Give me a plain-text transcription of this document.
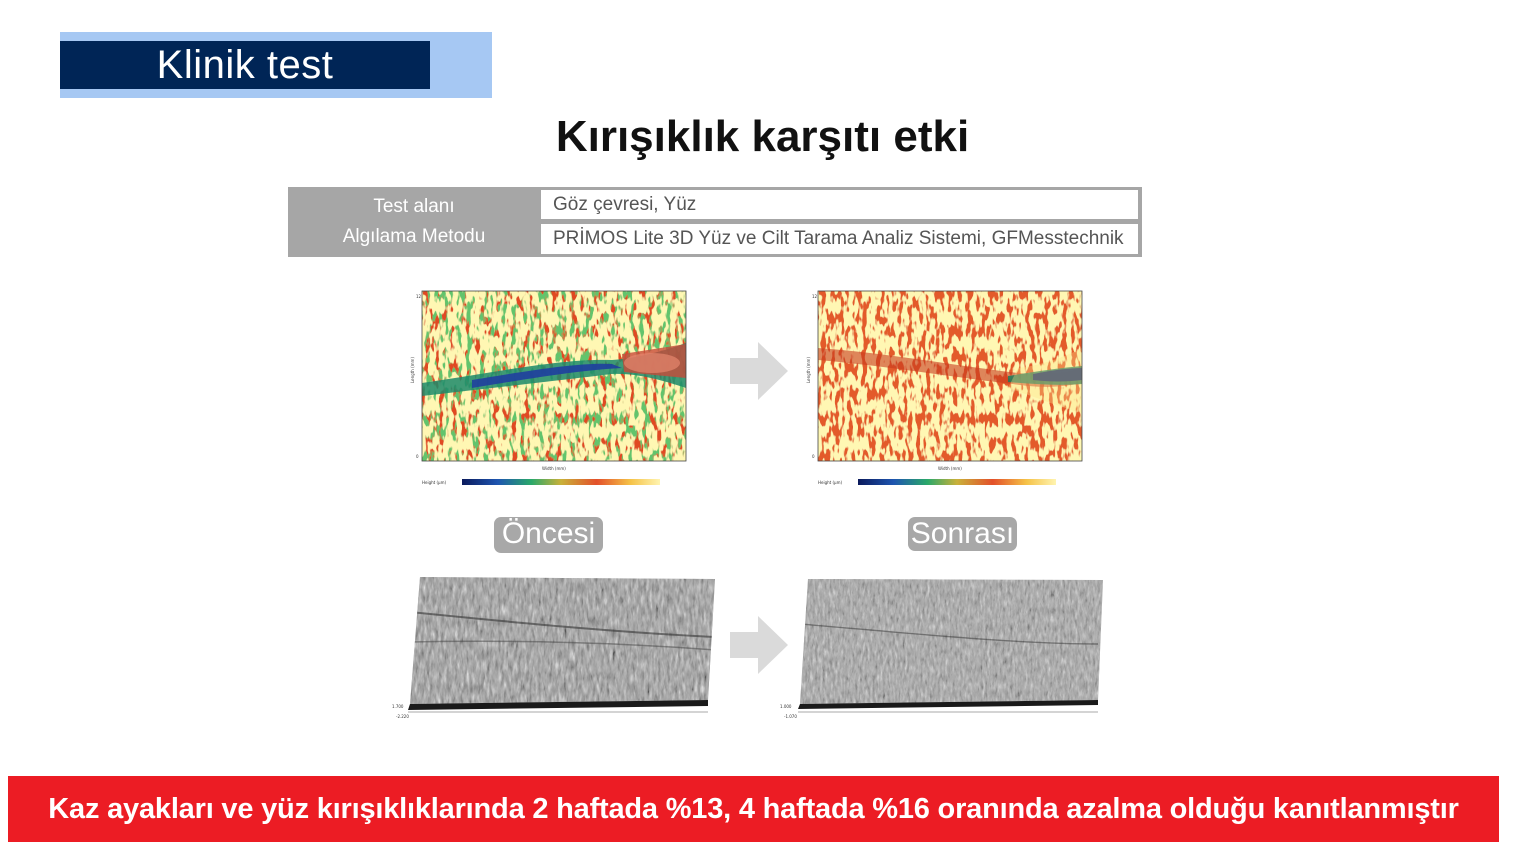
Klinik test
Kırışıklık karşıtı etki
Test alanı	Göz çevresi, Yüz
Algılama Metodu	PRİMOS Lite 3D Yüz ve Cilt Tarama Analiz Sistemi, GFMesstechnik
12
0
Length (mm)
Width (mm)
Height (µm)
12
0
Length (mm)
Width (mm)
Height (µm)
Öncesi	Sonrası
1.700
-2.220
1.000
-1.070
Kaz ayakları ve yüz kırışıklıklarında 2 haftada %13, 4 haftada %16 oranında azalma olduğu kanıtlanmıştır
